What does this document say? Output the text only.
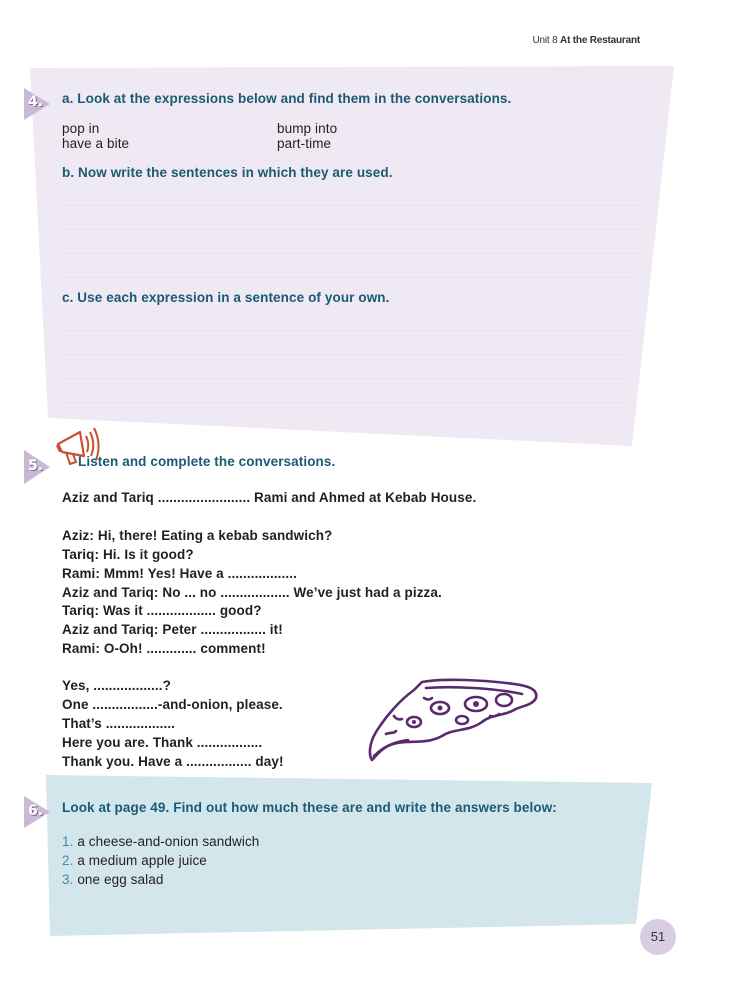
Unit 8 At the Restaurant
4. a. Look at the expressions below and find them in the conversations.
pop in
have a bite
bump into
part-time
b. Now write the sentences in which they are used.
c. Use each expression in a sentence of your own.
5.	Listen and complete the conversations.
Aziz and Tariq ........................ Rami and Ahmed at Kebab House.
Aziz: Hi, there! Eating a kebab sandwich?
Tariq: Hi. Is it good?
Rami: Mmm! Yes! Have a ..................
Aziz and Tariq: No ... no .................. We’ve just had a pizza.
Tariq: Was it .................. good?
Aziz and Tariq: Peter ................. it!
Rami: O-Oh! ............. comment!
Yes, ..................?
One .................-and-onion, please.
That’s ..................
Here you are. Thank .................
Thank you. Have a ................. day!
6. Look at page 49. Find out how much these are and write the answers below:
1. a cheese-and-onion sandwich
2. a medium apple juice
3. one egg salad
51
